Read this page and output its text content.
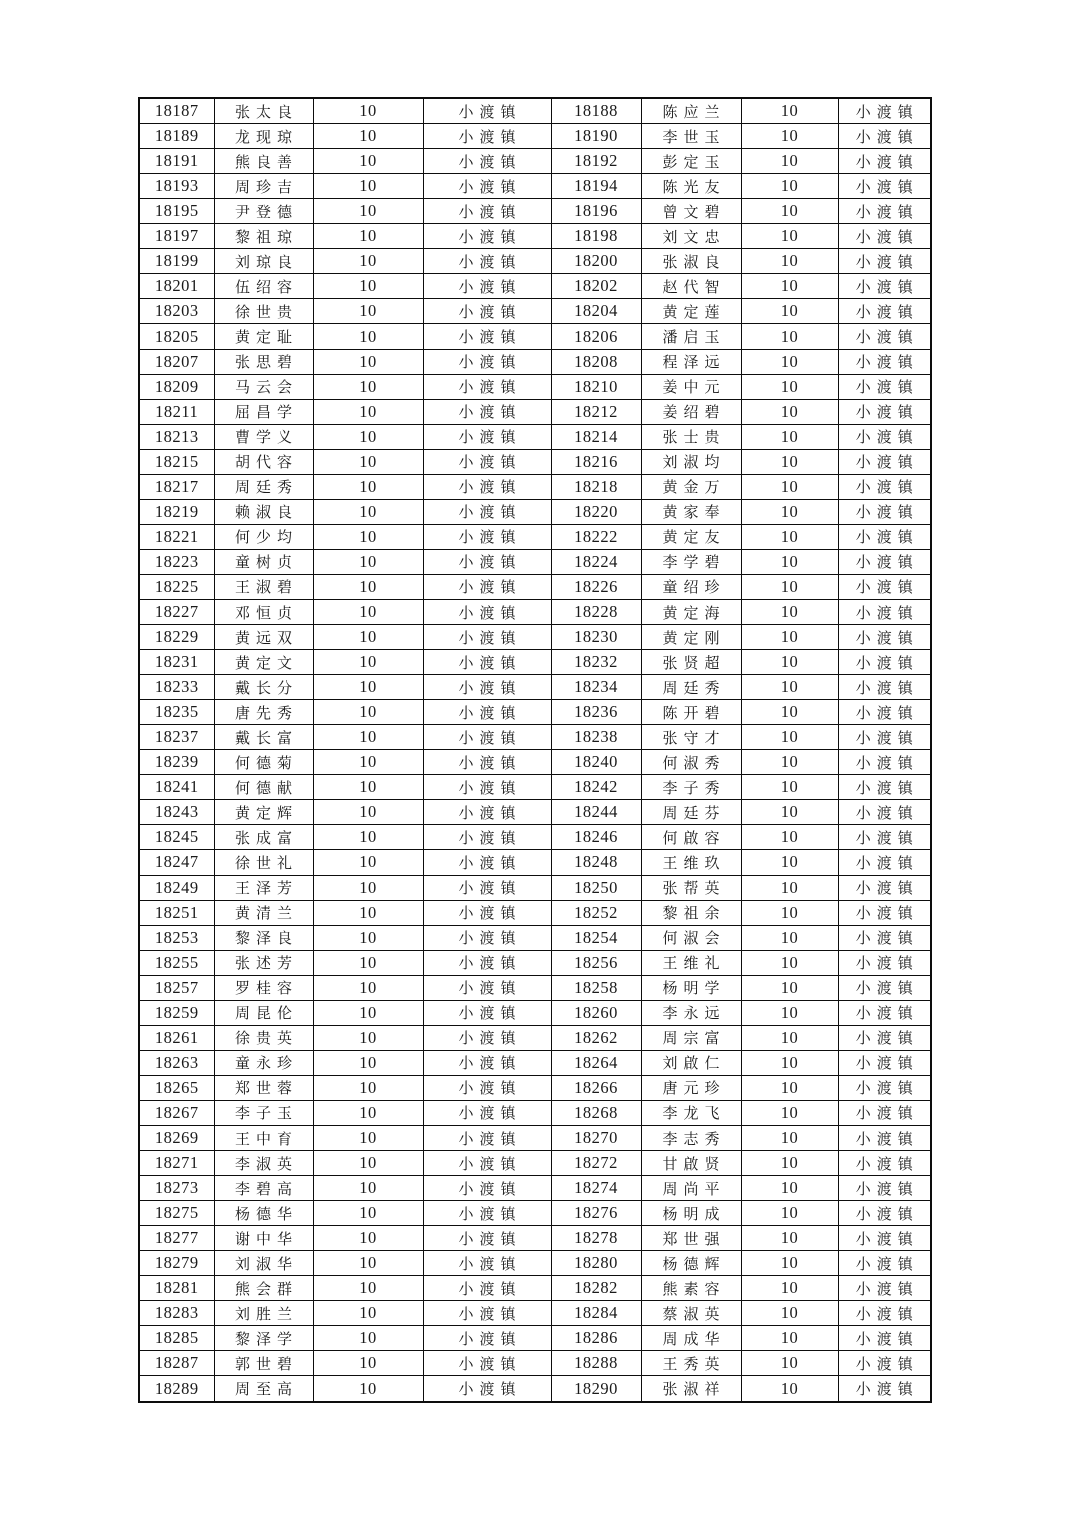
18187	张太良	10	小渡镇	18188	陈应兰	10	小渡镇
18189	龙现琼	10	小渡镇	18190	李世玉	10	小渡镇
18191	熊良善	10	小渡镇	18192	彭定玉	10	小渡镇
18193	周珍吉	10	小渡镇	18194	陈光友	10	小渡镇
18195	尹登德	10	小渡镇	18196	曾文碧	10	小渡镇
18197	黎祖琼	10	小渡镇	18198	刘文忠	10	小渡镇
18199	刘琼良	10	小渡镇	18200	张淑良	10	小渡镇
18201	伍绍容	10	小渡镇	18202	赵代智	10	小渡镇
18203	徐世贵	10	小渡镇	18204	黄定莲	10	小渡镇
18205	黄定耻	10	小渡镇	18206	潘启玉	10	小渡镇
18207	张思碧	10	小渡镇	18208	程泽远	10	小渡镇
18209	马云会	10	小渡镇	18210	姜中元	10	小渡镇
18211	屈昌学	10	小渡镇	18212	姜绍碧	10	小渡镇
18213	曹学义	10	小渡镇	18214	张士贵	10	小渡镇
18215	胡代容	10	小渡镇	18216	刘淑均	10	小渡镇
18217	周廷秀	10	小渡镇	18218	黄金万	10	小渡镇
18219	赖淑良	10	小渡镇	18220	黄家奉	10	小渡镇
18221	何少均	10	小渡镇	18222	黄定友	10	小渡镇
18223	童树贞	10	小渡镇	18224	李学碧	10	小渡镇
18225	王淑碧	10	小渡镇	18226	童绍珍	10	小渡镇
18227	邓恒贞	10	小渡镇	18228	黄定海	10	小渡镇
18229	黄远双	10	小渡镇	18230	黄定刚	10	小渡镇
18231	黄定文	10	小渡镇	18232	张贤超	10	小渡镇
18233	戴长分	10	小渡镇	18234	周廷秀	10	小渡镇
18235	唐先秀	10	小渡镇	18236	陈开碧	10	小渡镇
18237	戴长富	10	小渡镇	18238	张守才	10	小渡镇
18239	何德菊	10	小渡镇	18240	何淑秀	10	小渡镇
18241	何德献	10	小渡镇	18242	李子秀	10	小渡镇
18243	黄定辉	10	小渡镇	18244	周廷芬	10	小渡镇
18245	张成富	10	小渡镇	18246	何啟容	10	小渡镇
18247	徐世礼	10	小渡镇	18248	王维玖	10	小渡镇
18249	王泽芳	10	小渡镇	18250	张帮英	10	小渡镇
18251	黄清兰	10	小渡镇	18252	黎祖余	10	小渡镇
18253	黎泽良	10	小渡镇	18254	何淑会	10	小渡镇
18255	张述芳	10	小渡镇	18256	王维礼	10	小渡镇
18257	罗桂容	10	小渡镇	18258	杨明学	10	小渡镇
18259	周昆伦	10	小渡镇	18260	李永远	10	小渡镇
18261	徐贵英	10	小渡镇	18262	周宗富	10	小渡镇
18263	童永珍	10	小渡镇	18264	刘啟仁	10	小渡镇
18265	郑世蓉	10	小渡镇	18266	唐元珍	10	小渡镇
18267	李子玉	10	小渡镇	18268	李龙飞	10	小渡镇
18269	王中育	10	小渡镇	18270	李志秀	10	小渡镇
18271	李淑英	10	小渡镇	18272	甘啟贤	10	小渡镇
18273	李碧高	10	小渡镇	18274	周尚平	10	小渡镇
18275	杨德华	10	小渡镇	18276	杨明成	10	小渡镇
18277	谢中华	10	小渡镇	18278	郑世强	10	小渡镇
18279	刘淑华	10	小渡镇	18280	杨德辉	10	小渡镇
18281	熊会群	10	小渡镇	18282	熊素容	10	小渡镇
18283	刘胜兰	10	小渡镇	18284	蔡淑英	10	小渡镇
18285	黎泽学	10	小渡镇	18286	周成华	10	小渡镇
18287	郭世碧	10	小渡镇	18288	王秀英	10	小渡镇
18289	周至高	10	小渡镇	18290	张淑祥	10	小渡镇
